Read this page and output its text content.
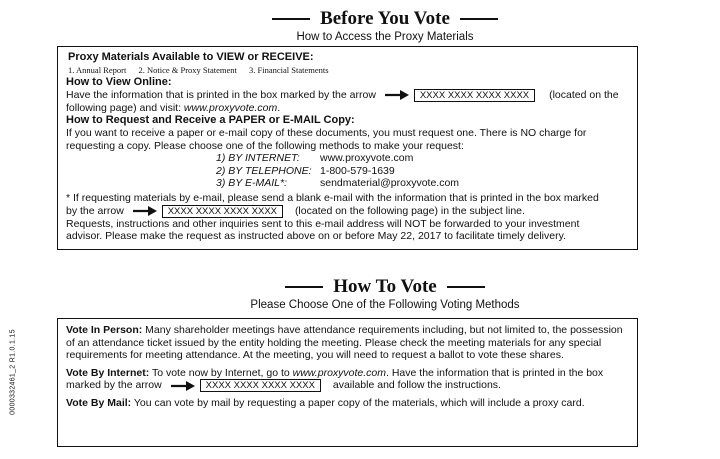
0000332461_2 R1.0.1.15
Before You Vote
How to Access the Proxy Materials
Proxy Materials Available to VIEW or RECEIVE:
1. Annual Report 2. Notice & Proxy Statement 3. Financial Statements
How to View Online:
Have the information that is printed in the box marked by the arrow	XXXX XXXX XXXX XXXX (located on the
following page) and visit: www.proxyvote.com.
How to Request and Receive a PAPER or E-MAIL Copy:
If you want to receive a paper or e-mail copy of these documents, you must request one. There is NO charge for
requesting a copy. Please choose one of the following methods to make your request:
1) BY INTERNET: www.proxyvote.com
2) BY TELEPHONE: 1-800-579-1639
3) BY E-MAIL*:	sendmaterial@proxyvote.com
* If requesting materials by e-mail, please send a blank e-mail with the information that is printed in the box marked
by the arrow	XXXX XXXX XXXX XXXX (located on the following page) in the subject line.
Requests, instructions and other inquiries sent to this e-mail address will NOT be forwarded to your investment
advisor. Please make the request as instructed above on or before May 22, 2017 to facilitate timely delivery.
How To Vote
Please Choose One of the Following Voting Methods
Vote In Person: Many shareholder meetings have attendance requirements including, but not limited to, the possession
of an attendance ticket issued by the entity holding the meeting. Please check the meeting materials for any special
requirements for meeting attendance. At the meeting, you will need to request a ballot to vote these shares.
Vote By Internet: To vote now by Internet, go to www.proxyvote.com. Have the information that is printed in the box
marked by the arrow	XXXX XXXX XXXX XXXX available and follow the instructions.
Vote By Mail: You can vote by mail by requesting a paper copy of the materials, which will include a proxy card.
